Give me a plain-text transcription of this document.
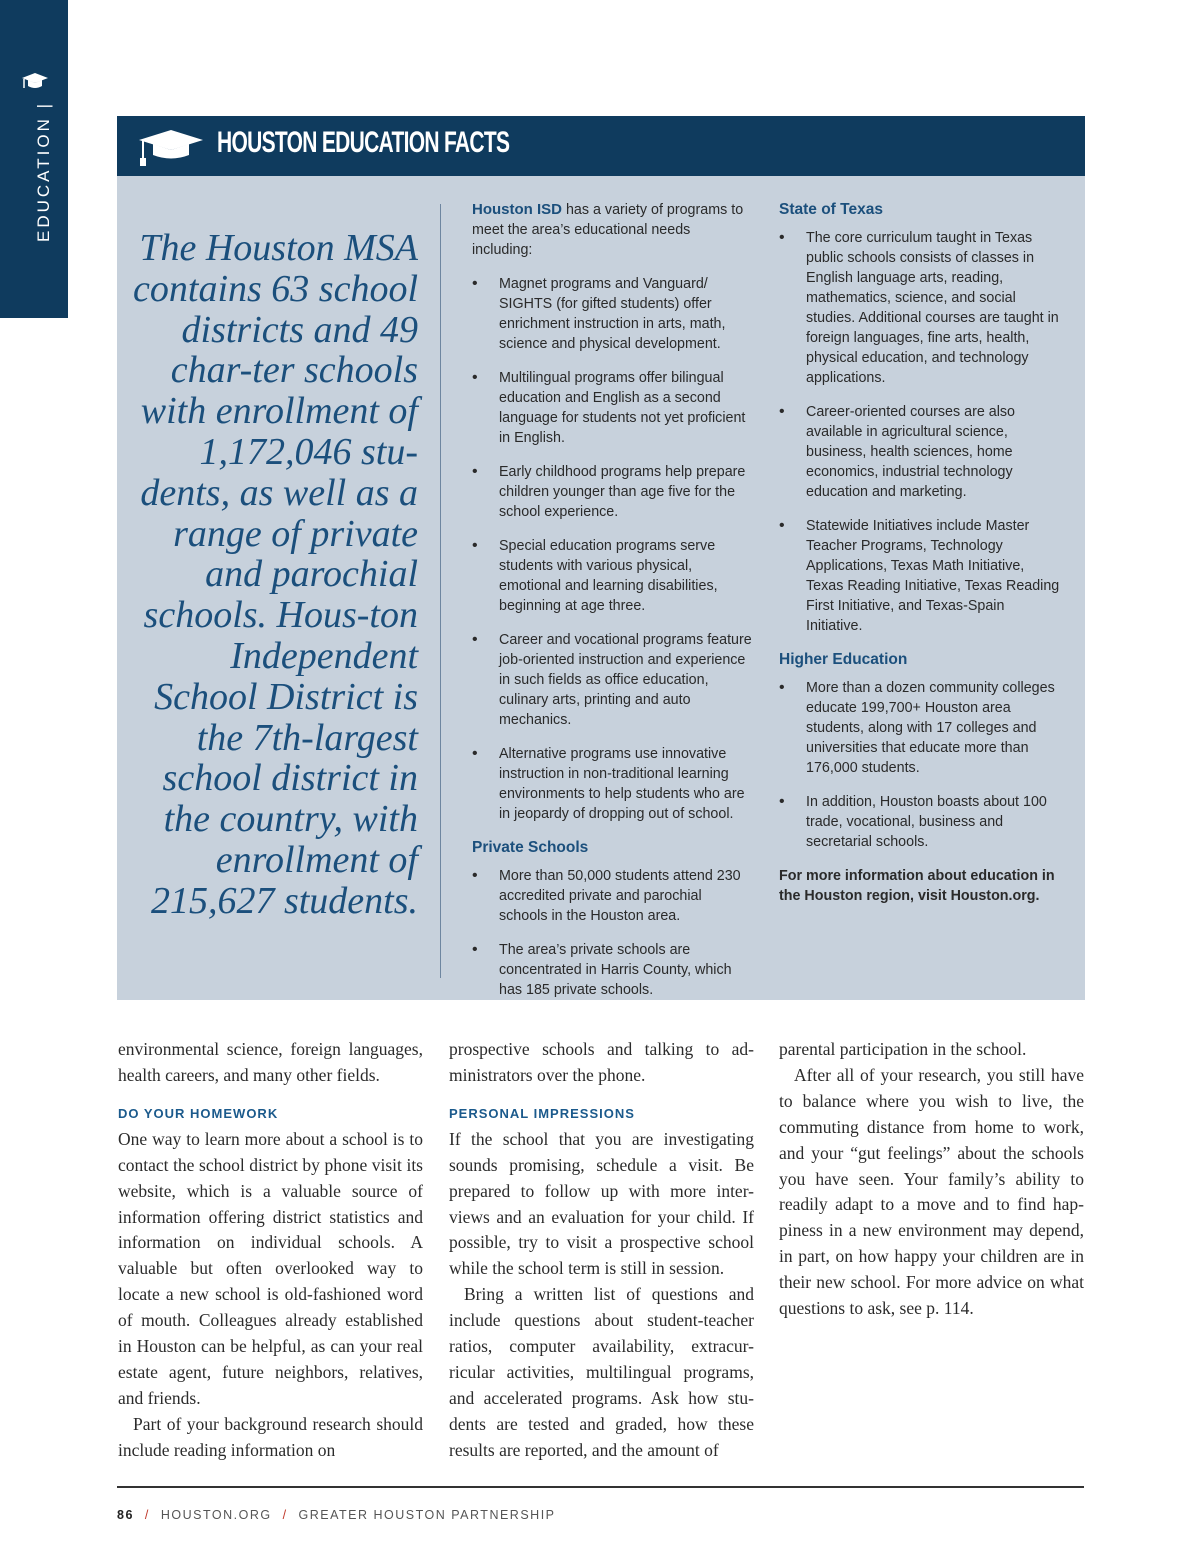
EDUCATION |	HOUSTON EDUCATION FACTS
The Houston MSA contains 63 school districts and 49 char-ter schools with enrollment of 1,172,046 stu-dents, as well as a range of private and parochial schools. Hous-ton Independent School District is the 7th-largest school district in the country, with enrollment of 215,627 students.

Houston ISD has a variety of programs to meet the area’s educational needs including:

• Magnet programs and Vanguard/ SIGHTS (for gifted students) offer enrichment instruction in arts, math, science and physical development.
• Multilingual programs offer bilingual education and English as a second language for students not yet proficient in English.
• Early childhood programs help prepare children younger than age five for the school experience.
• Special education programs serve students with various physical, emotional and learning disabilities, beginning at age three.
• Career and vocational programs feature job-oriented instruction and experience in such fields as office education, culinary arts, printing and auto mechanics.
• Alternative programs use innovative instruction in non-traditional learning environments to help students who are in jeopardy of dropping out of school.
Private Schools
• More than 50,000 students attend 230 accredited private and parochial schools in the Houston area.
• The area’s private schools are concentrated in Harris County, which has 185 private schools.
State of Texas
• The core curriculum taught in Texas public schools consists of classes in English language arts, reading, mathematics, science, and social studies. Additional courses are taught in foreign languages, fine arts, health, physical education, and technology applications.
• Career-oriented courses are also available in agricultural science, business, health sciences, home economics, industrial technology education and marketing.
• Statewide Initiatives include Master Teacher Programs, Technology Applications, Texas Math Initiative, Texas Reading Initiative, Texas Reading First Initiative, and Texas-Spain Initiative.
Higher Education
• More than a dozen community colleges educate 199,700+ Houston area students, along with 17 colleges and universities that educate more than 176,000 students.
• In addition, Houston boasts about 100 trade, vocational, business and secretarial schools.

For more information about education in the Houston region, visit Houston.org.

environmental science, foreign languages, health careers, and many other fields.

DO YOUR HOMEWORK

One way to learn more about a school is to contact the school district by phone visit its website, which is a valuable source of information offering district statistics and information on individual schools. A valuable but often overlooked way to locate a new school is old-fashioned word of mouth. Colleagues already established in Houston can be helpful, as can your real estate agent, future neighbors, relatives, and friends.

Part of your background research should include reading information on

prospective schools and talking to ad-ministrators over the phone.

PERSONAL IMPRESSIONS

If the school that you are investigating sounds promising, schedule a visit. Be prepared to follow up with more inter-views and an evaluation for your child. If possible, try to visit a prospective school while the school term is still in session.

Bring a written list of questions and include questions about student-teacher ratios, computer availability, extracur-ricular activities, multilingual programs, and accelerated programs. Ask how stu-dents are tested and graded, how these results are reported, and the amount of

parental participation in the school.

After all of your research, you still have to balance where you wish to live, the commuting distance from home to work, and your “gut feelings” about the schools you have seen. Your family’s ability to readily adapt to a move and to find hap-piness in a new environment may depend, in part, on how happy your children are in their new school. For more advice on what questions to ask, see p. 114.

86 / HOUSTON.ORG / GREATER HOUSTON PARTNERSHIP
